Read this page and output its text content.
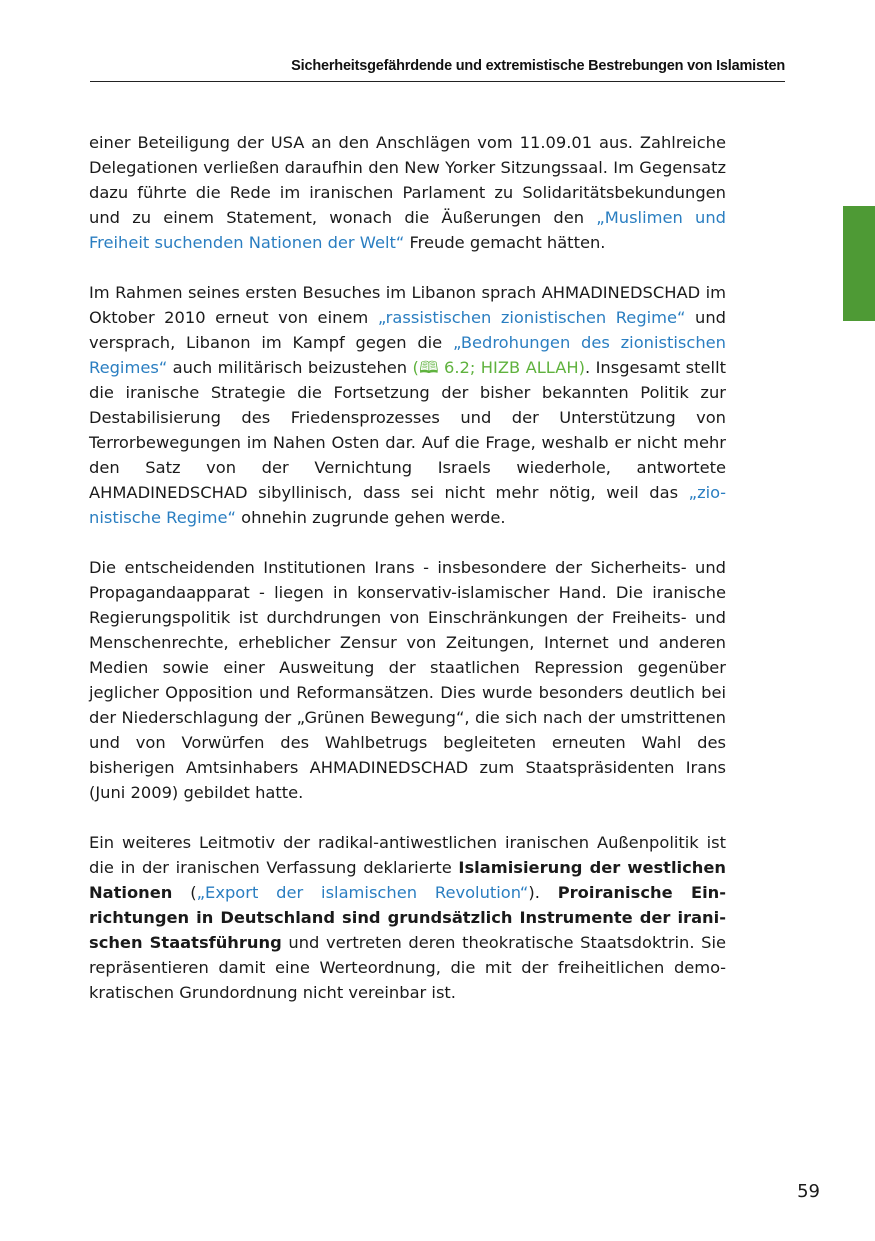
Sicherheitsgefährdende und extremistische Bestrebungen von Islamisten

einer Beteiligung der USA an den Anschlägen vom 11.09.01 aus. Zahlreiche Delegationen verließen daraufhin den New Yorker Sitzungssaal. Im Gegensatz dazu führte die Rede im iranischen Parlament zu Solidaritätsbekundungen und zu einem Statement, wonach die Äußerungen den „Muslimen und Freiheit suchenden Nationen der Welt“ Freude gemacht hätten.

Im Rahmen seines ersten Besuches im Libanon sprach AHMADINEDSCHAD im Oktober 2010 erneut von einem „rassistischen zionistischen Regime“ und versprach, Libanon im Kampf gegen die „Bedrohungen des zionistischen Regimes“ auch militärisch beizustehen (🕮 6.2; HIZB ALLAH). Insgesamt stellt die iranische Strategie die Fortsetzung der bisher bekannten Politik zur Destabilisierung des Friedensprozesses und der Unterstützung von Terrorbewegungen im Nahen Osten dar. Auf die Frage, weshalb er nicht mehr den Satz von der Vernichtung Israels wiederhole, antwortete AHMADINEDSCHAD sibyllinisch, dass sei nicht mehr nötig, weil das „zionistische Regime“ ohnehin zugrunde gehen werde.

Die entscheidenden Institutionen Irans - insbesondere der Sicherheits- und Propagandaapparat - liegen in konservativ-islamischer Hand. Die iranische Regierungspolitik ist durchdrungen von Einschränkungen der Freiheits- und Menschenrechte, erheblicher Zensur von Zeitungen, Internet und anderen Medien sowie einer Ausweitung der staatlichen Repression gegenüber jeglicher Opposition und Reformansätzen. Dies wurde besonders deutlich bei der Niederschlagung der „Grünen Bewegung“, die sich nach der umstrittenen und von Vorwürfen des Wahlbetrugs begleiteten erneuten Wahl des bisherigen Amtsinhabers AHMADINEDSCHAD zum Staatspräsidenten Irans (Juni 2009) gebildet hatte.

Ein weiteres Leitmotiv der radikal-antiwestlichen iranischen Außenpolitik ist die in der iranischen Verfassung deklarierte Islamisierung der westlichen Nationen („Export der islamischen Revolution“). Proiranische Einrichtungen in Deutschland sind grundsätzlich Instrumente der iranischen Staatsführung und vertreten deren theokratische Staatsdoktrin. Sie repräsentieren damit eine Werteordnung, die mit der freiheitlichen demokratischen Grundordnung nicht vereinbar ist.

59
